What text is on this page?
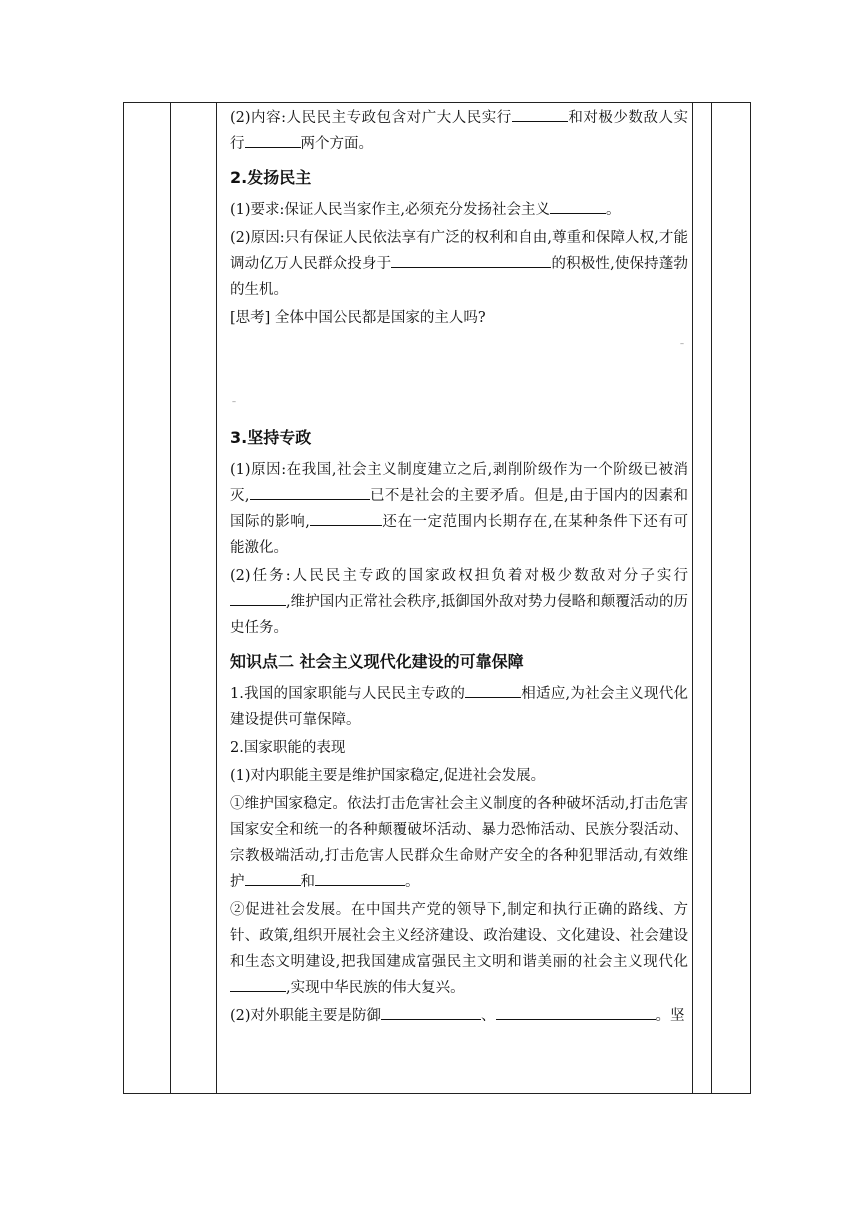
(2)内容:人民民主专政包含对广大人民实行	和对极少数敌人实行	两个方面。

2.发扬民主

(1)要求:保证人民当家作主,必须充分发扬社会主义	。

(2)原因:只有保证人民依法享有广泛的权利和自由,尊重和保障人权,才能调动亿万人民群众投身于	的积极性,使保持蓬勃的生机。

[思考] 全体中国公民都是国家的主人吗?

–
–
3.坚持专政

(1)原因:在我国,社会主义制度建立之后,剥削阶级作为一个阶级已被消灭,	已不是社会的主要矛盾。但是,由于国内的因素和国际的影响,	还在一定范围内长期存在,在某种条件下还有可能激化。

(2)任务:人民民主专政的国家政权担负着对极少数敌对分子实行,维护国内正常社会秩序,抵御国外敌对势力侵略和颠覆活动的历史任务。

知识点二 社会主义现代化建设的可靠保障

1.我国的国家职能与人民民主专政的	相适应,为社会主义现代化建设提供可靠保障。

2.国家职能的表现

(1)对内职能主要是维护国家稳定,促进社会发展。

①维护国家稳定。依法打击危害社会主义制度的各种破坏活动,打击危害国家安全和统一的各种颠覆破坏活动、暴力恐怖活动、民族分裂活动、宗教极端活动,打击危害人民群众生命财产安全的各种犯罪活动,有效维护	和	。

②促进社会发展。在中国共产党的领导下,制定和执行正确的路线、方针、政策,组织开展社会主义经济建设、政治建设、文化建设、社会建设和生态文明建设,把我国建成富强民主文明和谐美丽的社会主义现代化,实现中华民族的伟大复兴。

(2)对外职能主要是防御	、	。坚
